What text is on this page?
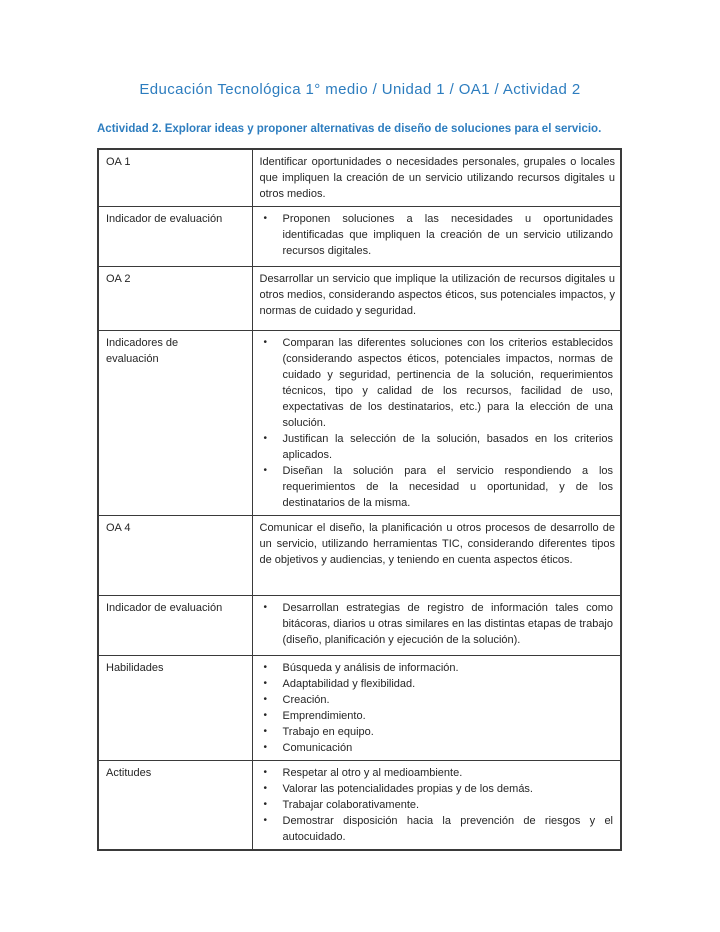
Educación Tecnológica 1° medio / Unidad 1 / OA1 / Actividad 2
Actividad 2. Explorar ideas y proponer alternativas de diseño de soluciones para el servicio.
OA 1	Identificar oportunidades o necesidades personales, grupales o locales que impliquen la creación de un servicio utilizando recursos digitales u otros medios.

Indicador de evaluación	•	Proponen soluciones a las necesidades u oportunidades identificadas que impliquen la creación de un servicio utilizando recursos digitales.

OA 2	Desarrollar un servicio que implique la utilización de recursos digitales u otros medios, considerando aspectos éticos, sus potenciales impactos, y normas de cuidado y seguridad.

Indicadores de evaluación	
•	Comparan las diferentes soluciones con los criterios establecidos (considerando aspectos éticos, potenciales impactos, normas de cuidado y seguridad, pertinencia de la solución, requerimientos técnicos, tipo y calidad de los recursos, facilidad de uso, expectativas de los destinatarios, etc.) para la elección de una solución.
•	Justifican la selección de la solución, basados en los criterios aplicados.
•	Diseñan la solución para el servicio respondiendo a los requerimientos de la necesidad u oportunidad, y de los destinatarios de la misma.

OA 4	Comunicar el diseño, la planificación u otros procesos de desarrollo de un servicio, utilizando herramientas TIC, considerando diferentes tipos de objetivos y audiencias, y teniendo en cuenta aspectos éticos.

Indicador de evaluación	•	Desarrollan estrategias de registro de información tales como bitácoras, diarios u otras similares en las distintas etapas de trabajo (diseño, planificación y ejecución de la solución).

Habilidades	•	Búsqueda y análisis de información.
•	Adaptabilidad y flexibilidad.
•	Creación.
•	Emprendimiento.
•	Trabajo en equipo.
•	Comunicación

Actitudes	•	Respetar al otro y al medioambiente.
•	Valorar las potencialidades propias y de los demás.
•	Trabajar colaborativamente.
•	Demostrar disposición hacia la prevención de riesgos y el autocuidado.
